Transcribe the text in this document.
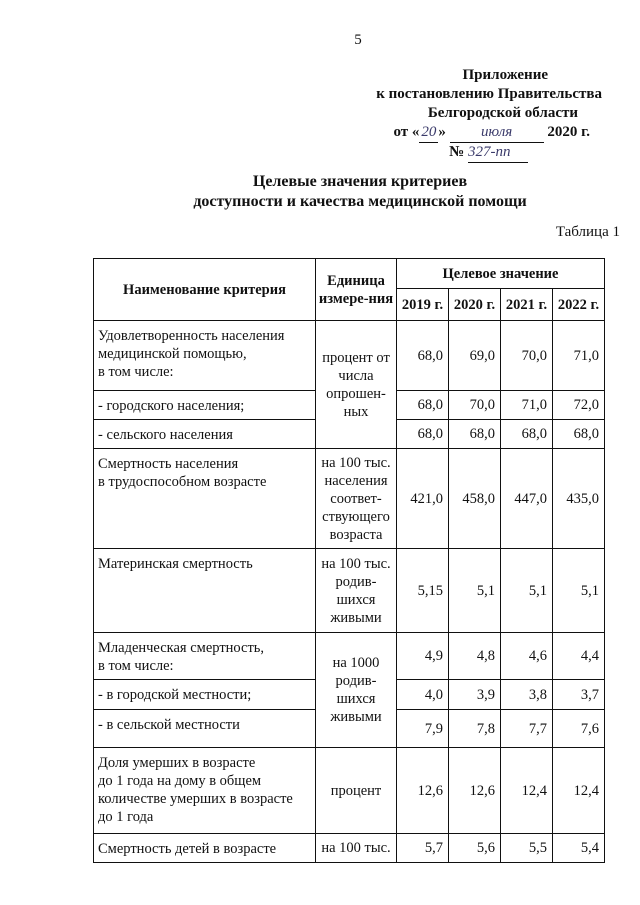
5
Приложение
к постановлению Правительства
Белгородской области
от « 20 » июля 2020 г.
№ 327-пп
Целевые значения критериев
доступности и качества медицинской помощи
Таблица 1
Наименование критерия	Единица измере-ния	Целевое значение			
		2019 г.	2020 г.	2021 г.	2022 г.

Удовлетворенность населения
медицинской помощью,
в том числе:	процент от числа опрошен-ных	68,0	69,0	70,0	71,0

- городского населения;		68,0	70,0	71,0	72,0

- сельского населения		68,0	68,0	68,0	68,0

Смертность населения
в трудоспособном возрасте	на 100 тыс. населения соответ-ствующего возраста	421,0	458,0	447,0	435,0

Материнская смертность	на 100 тыс. родив-шихся живыми	5,15	5,1	5,1	5,1

Младенческая смертность,
в том числе:	на 1000 родив-шихся живыми	4,9	4,8	4,6	4,4

- в городской местности;		4,0	3,9	3,8	3,7

- в сельской местности		7,9	7,8	7,7	7,6

Доля умерших в возрасте
до 1 года на дому в общем
количестве умерших в возрасте
до 1 года	процент	12,6	12,6	12,4	12,4

Смертность детей в возрасте	на 100 тыс.	5,7	5,6	5,5	5,4
